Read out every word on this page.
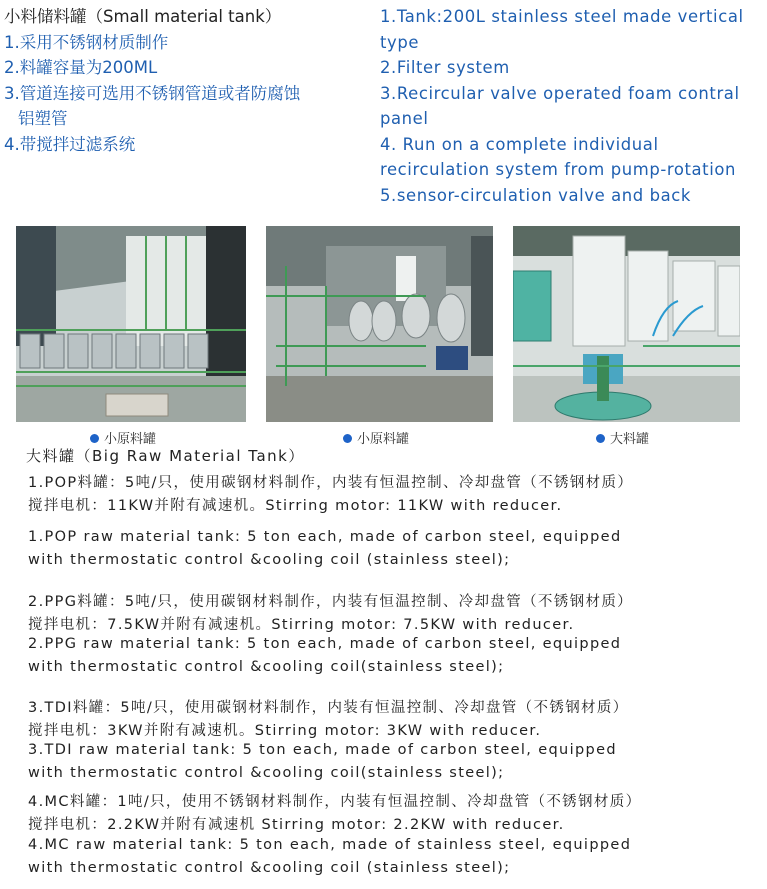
小料储料罐（Small material tank）
1.采用不锈钢材质制作
2.料罐容量为200ML
3.管道连接可选用不锈钢管道或者防腐蚀
铝塑管
4.带搅拌过滤系统
1.Tank:200L stainless steel made vertical
type
2.Filter system
3.Recircular valve operated foam contral
panel
4. Run on a complete individual
recirculation system from pump-rotation
5.sensor-circulation valve and back
小原料罐	小原料罐	大料罐
大料罐（Big Raw Material Tank）
1.POP料罐：5吨/只，使用碳钢材料制作，内装有恒温控制、冷却盘管（不锈钢材质）
搅拌电机：11KW并附有减速机。Stirring motor: 11KW with reducer.
1.POP raw material tank: 5 ton each, made of carbon steel, equipped
with thermostatic control &cooling coil (stainless steel);
2.PPG料罐：5吨/只，使用碳钢材料制作，内装有恒温控制、冷却盘管（不锈钢材质）
搅拌电机：7.5KW并附有减速机。Stirring motor: 7.5KW with reducer.
2.PPG raw material tank: 5 ton each, made of carbon steel, equipped
with thermostatic control &cooling coil(stainless steel);
3.TDI料罐：5吨/只，使用碳钢材料制作，内装有恒温控制、冷却盘管（不锈钢材质）
搅拌电机：3KW并附有减速机。Stirring motor: 3KW with reducer.
3.TDI raw material tank: 5 ton each, made of carbon steel, equipped
with thermostatic control &cooling coil(stainless steel);
4.MC料罐：1吨/只，使用不锈钢材料制作，内装有恒温控制、冷却盘管（不锈钢材质）
搅拌电机：2.2KW并附有减速机 Stirring motor: 2.2KW with reducer.
4.MC raw material tank: 5 ton each, made of stainless steel, equipped
with thermostatic control &cooling coil (stainless steel);
